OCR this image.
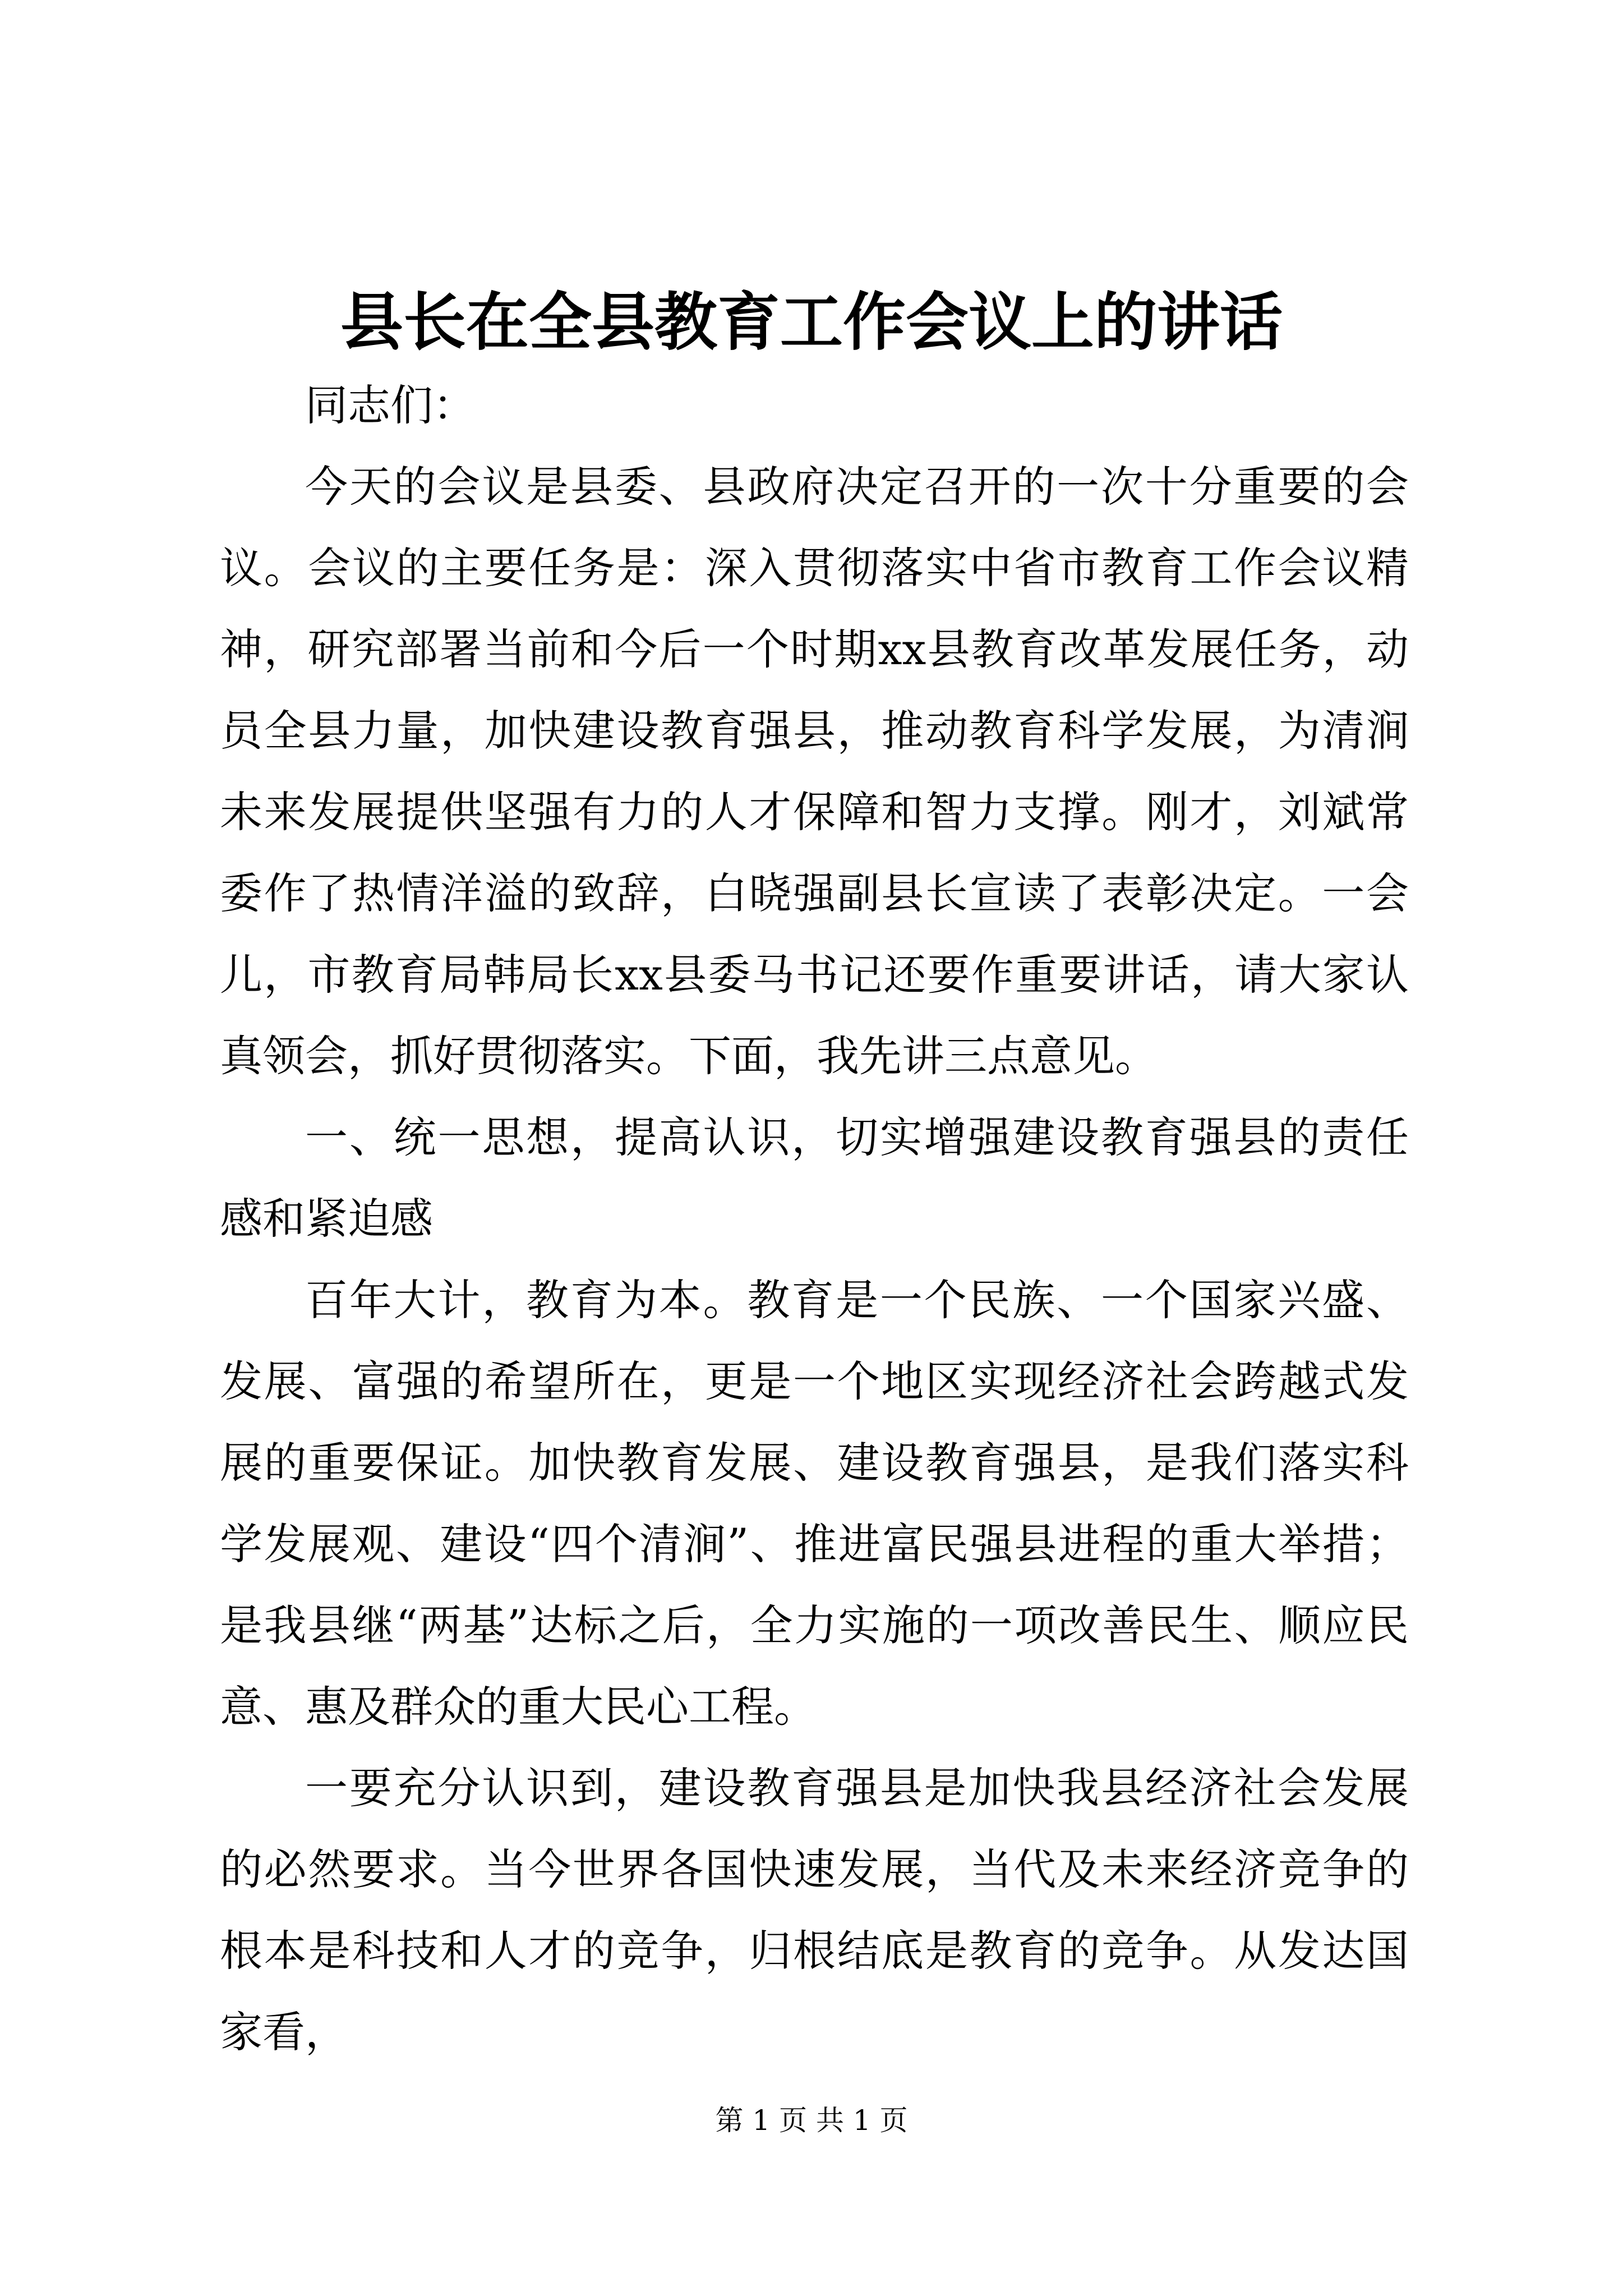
县长在全县教育工作会议上的讲话

同志们：

今天的会议是县委、县政府决定召开的一次十分重要的会议。会议的主要任务是：深入贯彻落实中省市教育工作会议精神，研究部署当前和今后一个时期xx县教育改革发展任务，动员全县力量，加快建设教育强县，推动教育科学发展，为清涧未来发展提供坚强有力的人才保障和智力支撑。刚才，刘斌常委作了热情洋溢的致辞，白晓强副县长宣读了表彰决定。一会儿，市教育局韩局长xx县委马书记还要作重要讲话，请大家认真领会，抓好贯彻落实。下面，我先讲三点意见。

一、统一思想，提高认识，切实增强建设教育强县的责任感和紧迫感

百年大计，教育为本。教育是一个民族、一个国家兴盛、发展、富强的希望所在，更是一个地区实现经济社会跨越式发展的重要保证。加快教育发展、建设教育强县，是我们落实科学发展观、建设“四个清涧”、推进富民强县进程的重大举措；是我县继“两基”达标之后，全力实施的一项改善民生、顺应民意、惠及群众的重大民心工程。

一要充分认识到，建设教育强县是加快我县经济社会发展的必然要求。当今世界各国快速发展，当代及未来经济竞争的根本是科技和人才的竞争，归根结底是教育的竞争。从发达国家看，

第 1 页 共 1 页
